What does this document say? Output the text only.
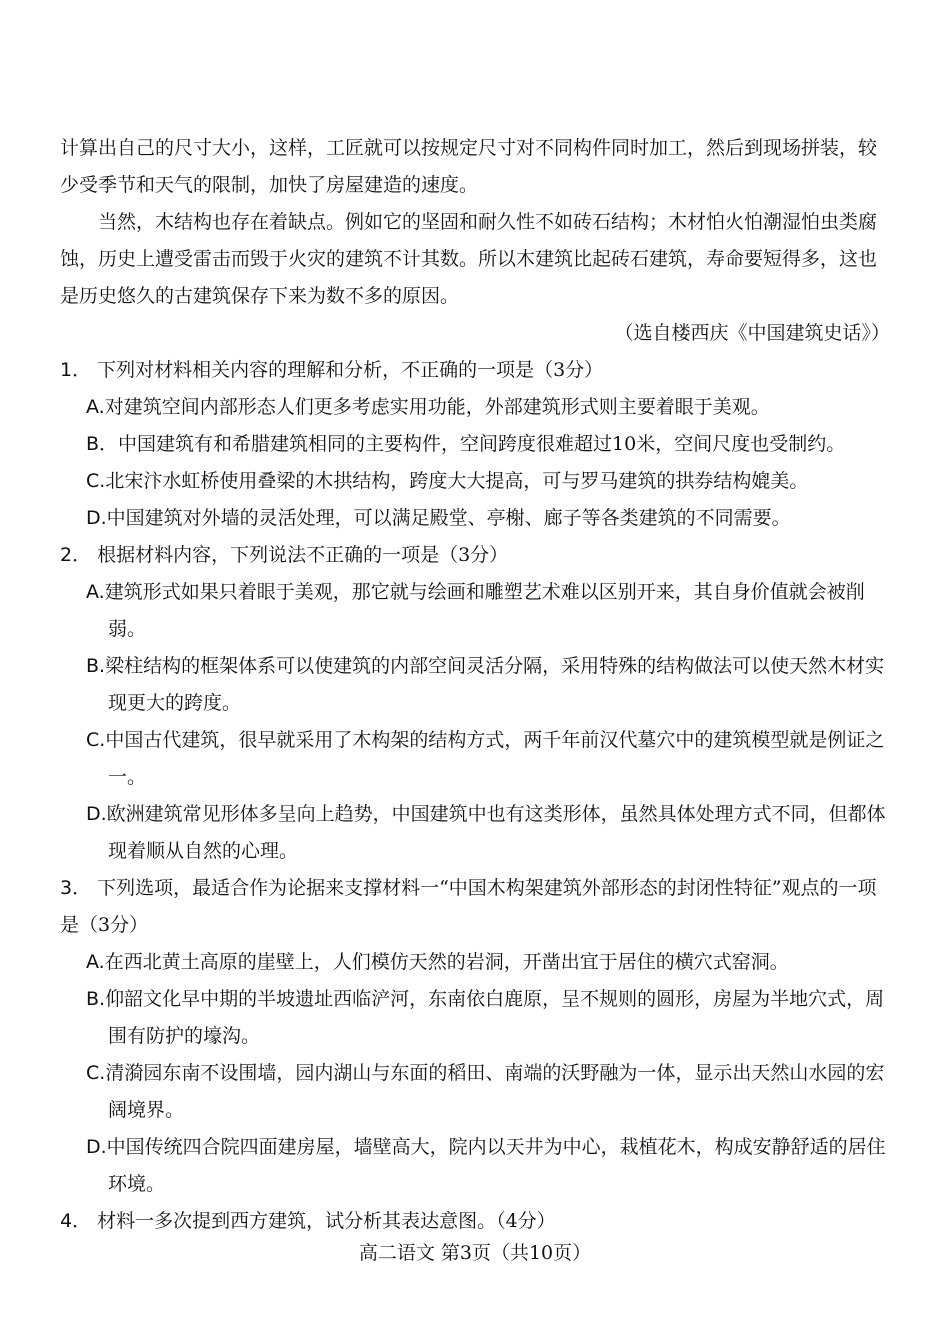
计算出自己的尺寸大小，这样，工匠就可以按规定尺寸对不同构件同时加工，然后到现场拼装，较少受季节和天气的限制，加快了房屋建造的速度。

当然，木结构也存在着缺点。例如它的坚固和耐久性不如砖石结构；木材怕火怕潮湿怕虫类腐蚀，历史上遭受雷击而毁于火灾的建筑不计其数。所以木建筑比起砖石建筑，寿命要短得多，这也是历史悠久的古建筑保存下来为数不多的原因。

（选自楼西庆《中国建筑史话》）

1． 下列对材料相关内容的理解和分析，不正确的一项是（3分）

A.对建筑空间内部形态人们更多考虑实用功能，外部建筑形式则主要着眼于美观。

B．中国建筑有和希腊建筑相同的主要构件，空间跨度很难超过10米，空间尺度也受制约。

C.北宋汴水虹桥使用叠梁的木拱结构，跨度大大提高，可与罗马建筑的拱券结构媲美。

D.中国建筑对外墙的灵活处理，可以满足殿堂、亭榭、廊子等各类建筑的不同需要。

2． 根据材料内容，下列说法不正确的一项是（3分）

A.建筑形式如果只着眼于美观，那它就与绘画和雕塑艺术难以区别开来，其自身价值就会被削弱。

B.梁柱结构的框架体系可以使建筑的内部空间灵活分隔，采用特殊的结构做法可以使天然木材实现更大的跨度。

C.中国古代建筑，很早就采用了木构架的结构方式，两千年前汉代墓穴中的建筑模型就是例证之一。

D.欧洲建筑常见形体多呈向上趋势，中国建筑中也有这类形体，虽然具体处理方式不同，但都体现着顺从自然的心理。

3． 下列选项，最适合作为论据来支撑材料一“中国木构架建筑外部形态的封闭性特征”观点的一项是（3分）

A.在西北黄土高原的崖壁上，人们模仿天然的岩洞，开凿出宜于居住的横穴式窑洞。

B.仰韶文化早中期的半坡遗址西临浐河，东南依白鹿原，呈不规则的圆形，房屋为半地穴式，周围有防护的壕沟。

C.清漪园东南不设围墙，园内湖山与东面的稻田、南端的沃野融为一体，显示出天然山水园的宏阔境界。

D.中国传统四合院四面建房屋，墙壁高大，院内以天井为中心，栽植花木，构成安静舒适的居住环境。

4． 材料一多次提到西方建筑，试分析其表达意图。（4分）

高二语文 第3页（共10页）
